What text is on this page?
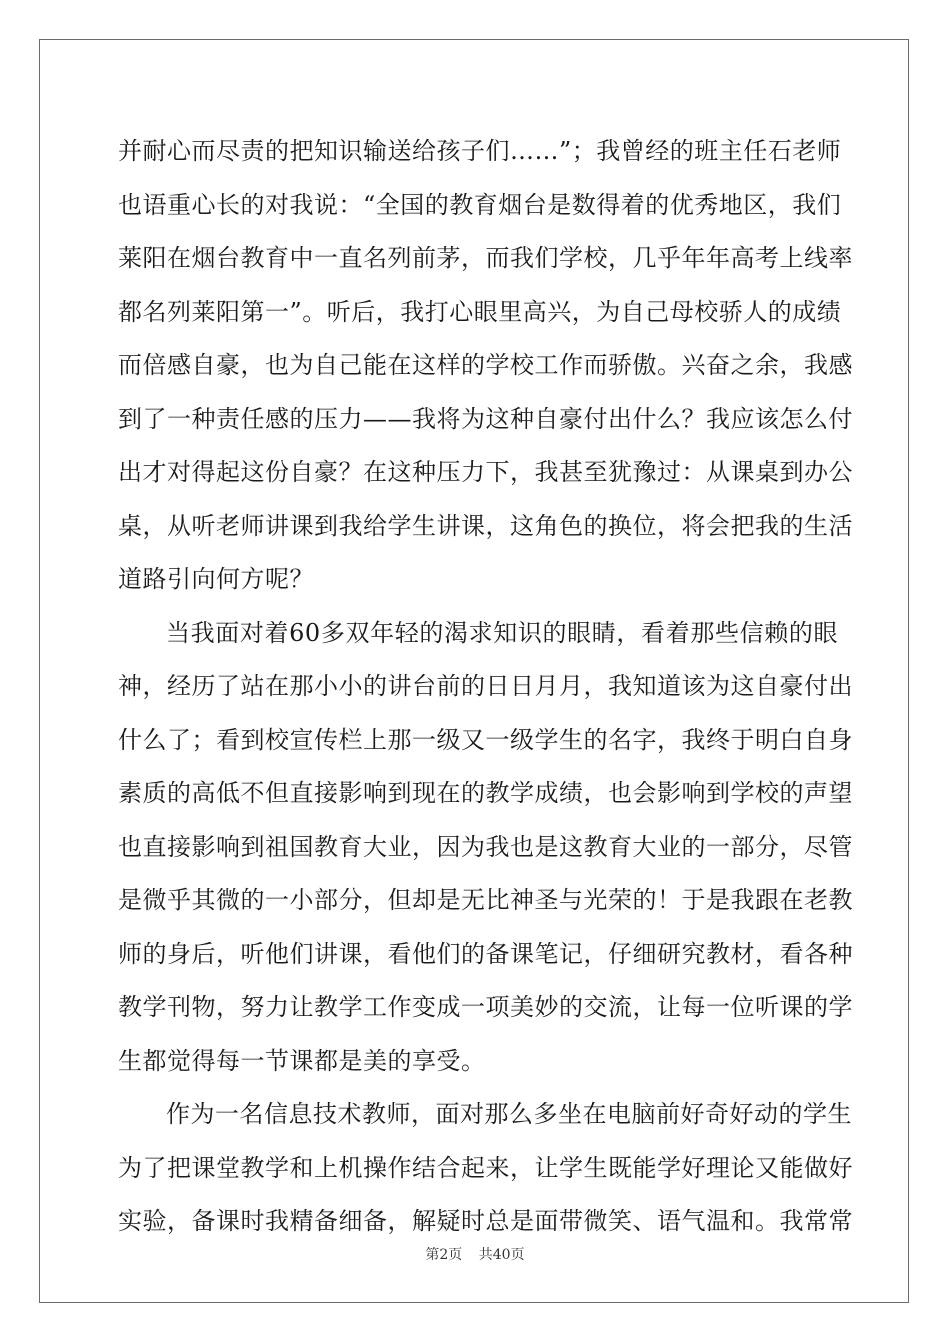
并耐心而尽责的把知识输送给孩子们……”；我曾经的班主任石老师
也语重心长的对我说：“全国的教育烟台是数得着的优秀地区，我们
莱阳在烟台教育中一直名列前茅，而我们学校，几乎年年高考上线率
都名列莱阳第一”。听后，我打心眼里高兴，为自己母校骄人的成绩
而倍感自豪，也为自己能在这样的学校工作而骄傲。兴奋之余，我感
到了一种责任感的压力——我将为这种自豪付出什么？我应该怎么付
出才对得起这份自豪？在这种压力下，我甚至犹豫过：从课桌到办公
桌，从听老师讲课到我给学生讲课，这角色的换位，将会把我的生活
道路引向何方呢？
当我面对着60多双年轻的渴求知识的眼睛，看着那些信赖的眼
神，经历了站在那小小的讲台前的日日月月，我知道该为这自豪付出
什么了；看到校宣传栏上那一级又一级学生的名字，我终于明白自身
素质的高低不但直接影响到现在的教学成绩，也会影响到学校的声望
也直接影响到祖国教育大业，因为我也是这教育大业的一部分，尽管
是微乎其微的一小部分，但却是无比神圣与光荣的！于是我跟在老教
师的身后，听他们讲课，看他们的备课笔记，仔细研究教材，看各种
教学刊物，努力让教学工作变成一项美妙的交流，让每一位听课的学
生都觉得每一节课都是美的享受。
作为一名信息技术教师，面对那么多坐在电脑前好奇好动的学生
为了把课堂教学和上机操作结合起来，让学生既能学好理论又能做好
实验，备课时我精备细备，解疑时总是面带微笑、语气温和。我常常
第2页 共40页
